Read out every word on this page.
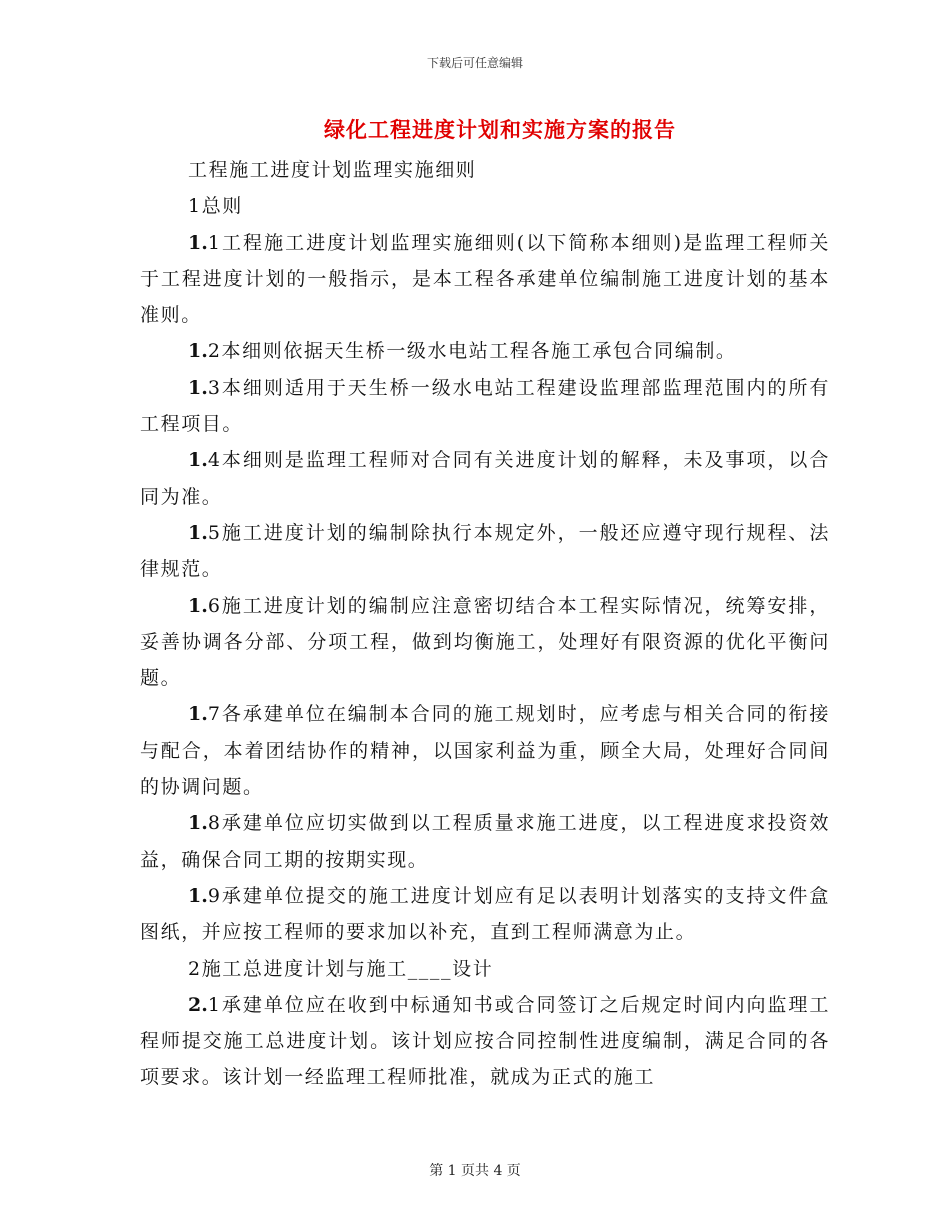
下载后可任意编辑
绿化工程进度计划和实施方案的报告

工程施工进度计划监理实施细则

1总则

1.1工程施工进度计划监理实施细则(以下简称本细则)是监理工程师关于工程进度计划的一般指示，是本工程各承建单位编制施工进度计划的基本准则。

1.2本细则依据天生桥一级水电站工程各施工承包合同编制。

1.3本细则适用于天生桥一级水电站工程建设监理部监理范围内的所有工程项目。

1.4本细则是监理工程师对合同有关进度计划的解释，未及事项，以合同为准。

1.5施工进度计划的编制除执行本规定外，一般还应遵守现行规程、法律规范。

1.6施工进度计划的编制应注意密切结合本工程实际情况，统筹安排，妥善协调各分部、分项工程，做到均衡施工，处理好有限资源的优化平衡问题。

1.7各承建单位在编制本合同的施工规划时，应考虑与相关合同的衔接与配合，本着团结协作的精神，以国家利益为重，顾全大局，处理好合同间的协调问题。

1.8承建单位应切实做到以工程质量求施工进度，以工程进度求投资效益，确保合同工期的按期实现。

1.9承建单位提交的施工进度计划应有足以表明计划落实的支持文件盒图纸，并应按工程师的要求加以补充，直到工程师满意为止。

2施工总进度计划与施工____设计

2.1承建单位应在收到中标通知书或合同签订之后规定时间内向监理工程师提交施工总进度计划。该计划应按合同控制性进度编制，满足合同的各项要求。该计划一经监理工程师批准，就成为正式的施工

第 1 页共 4 页
